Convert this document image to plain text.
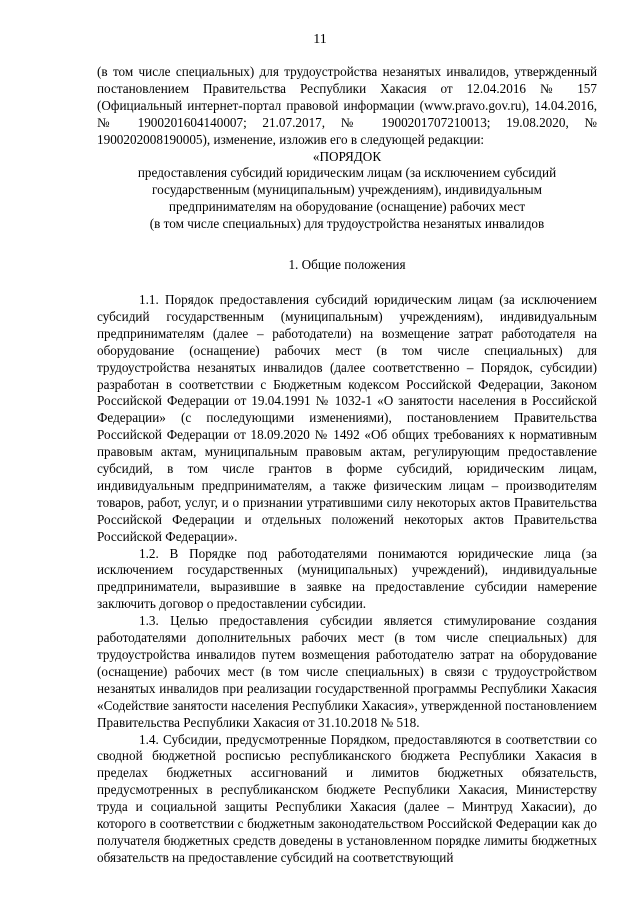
11

(в том числе специальных) для трудоустройства незанятых инвалидов, утвержденный постановлением Правительства Республики Хакасия от 12.04.2016 № 157 (Официальный интернет-портал правовой информации (www.pravo.gov.ru), 14.04.2016, № 1900201604140007; 21.07.2017, № 1900201707210013; 19.08.2020, № 1900202008190005), изменение, изложив его в следующей редакции:

«ПОРЯДОК
предоставления субсидий юридическим лицам (за исключением субсидий
государственным (муниципальным) учреждениям), индивидуальным
предпринимателям на оборудование (оснащение) рабочих мест
(в том числе специальных) для трудоустройства незанятых инвалидов

1. Общие положения

1.1. Порядок предоставления субсидий юридическим лицам (за исключением субсидий государственным (муниципальным) учреждениям), индивидуальным предпринимателям (далее – работодатели) на возмещение затрат работодателя на оборудование (оснащение) рабочих мест (в том числе специальных) для трудоустройства незанятых инвалидов (далее соответственно – Порядок, субсидии) разработан в соответствии с Бюджетным кодексом Российской Федерации, Законом Российской Федерации от 19.04.1991 № 1032-1 «О занятости населения в Российской Федерации» (с последующими изменениями), постановлением Правительства Российской Федерации от 18.09.2020 № 1492 «Об общих требованиях к нормативным правовым актам, муниципальным правовым актам, регулирующим предоставление субсидий, в том числе грантов в форме субсидий, юридическим лицам, индивидуальным предпринимателям, а также физическим лицам – производителям товаров, работ, услуг, и о признании утратившими силу некоторых актов Правительства Российской Федерации и отдельных положений некоторых актов Правительства Российской Федерации».

1.2. В Порядке под работодателями понимаются юридические лица (за исключением государственных (муниципальных) учреждений), индивидуальные предприниматели, выразившие в заявке на предоставление субсидии намерение заключить договор о предоставлении субсидии.

1.3. Целью предоставления субсидии является стимулирование создания работодателями дополнительных рабочих мест (в том числе специальных) для трудоустройства инвалидов путем возмещения работодателю затрат на оборудование (оснащение) рабочих мест (в том числе специальных) в связи с трудоустройством незанятых инвалидов при реализации государственной программы Республики Хакасия «Содействие занятости населения Республики Хакасия», утвержденной постановлением Правительства Республики Хакасия от 31.10.2018 № 518.

1.4. Субсидии, предусмотренные Порядком, предоставляются в соответствии со сводной бюджетной росписью республиканского бюджета Республики Хакасия в пределах бюджетных ассигнований и лимитов бюджетных обязательств, предусмотренных в республиканском бюджете Республики Хакасия, Министерству труда и социальной защиты Республики Хакасия (далее – Минтруд Хакасии), до которого в соответствии с бюджетным законодательством Российской Федерации как до получателя бюджетных средств доведены в установленном порядке лимиты бюджетных обязательств на предоставление субсидий на соответствующий
